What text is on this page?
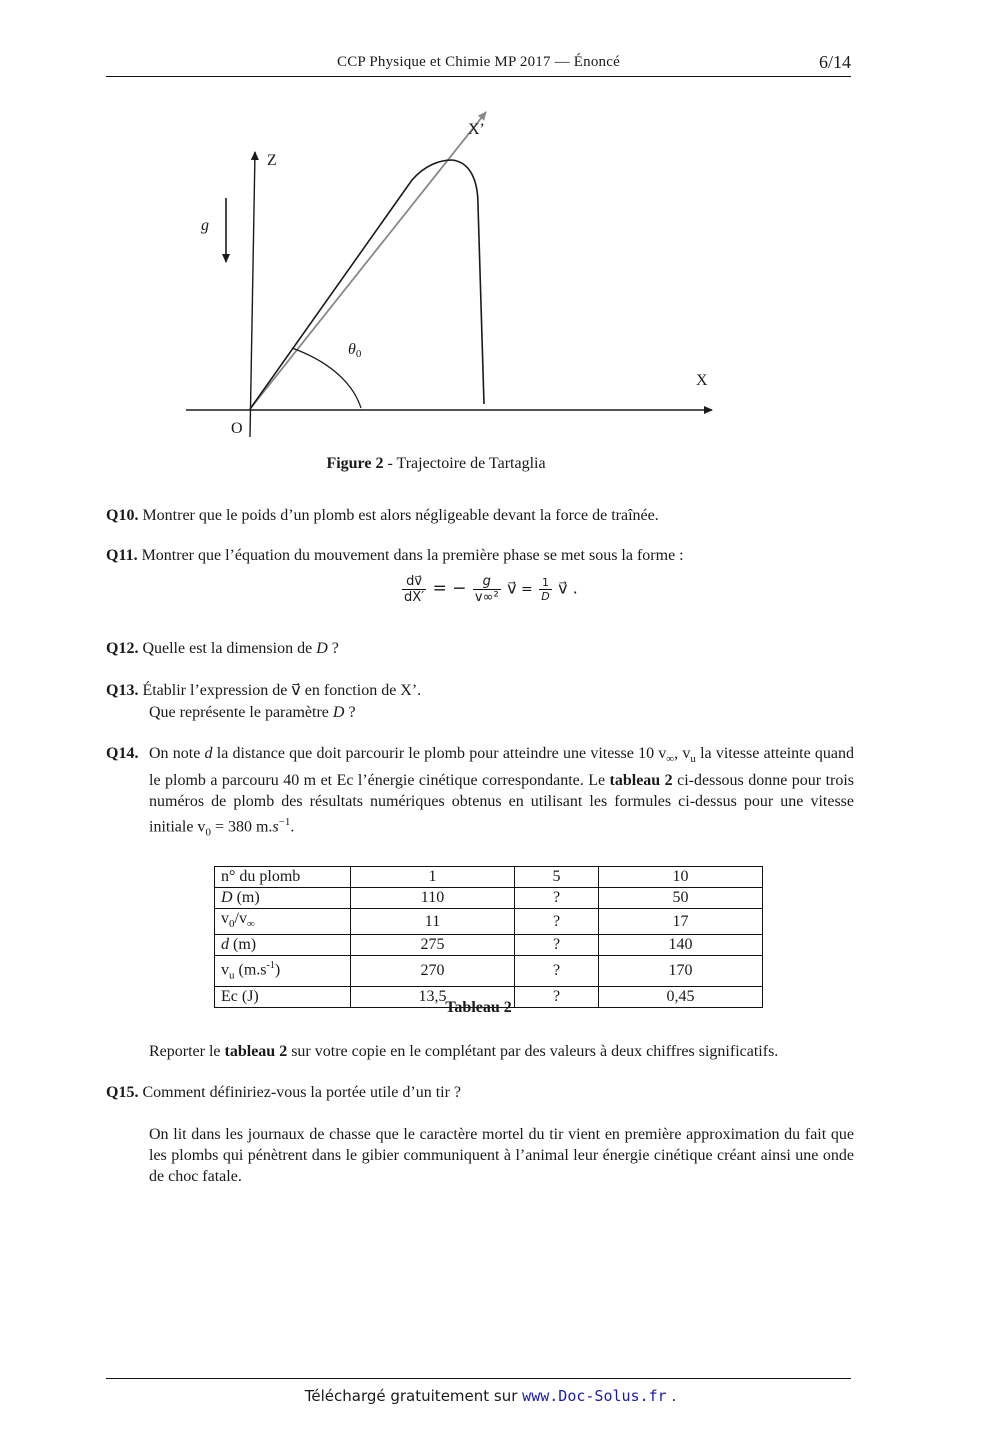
CCP Physique et Chimie MP 2017 — Énoncé	6/14
X’
Z
g⃗
θ0
X
O
Figure 2 - Trajectoire de Tartaglia
Q10. Montrer que le poids d’un plomb est alors négligeable devant la force de traînée.
Q11. Montrer que l’équation du mouvement dans la première phase se met sous la forme :
$\frac{dv⃗}{dX'}$ = − $\frac{g}{\text{v∞²}}$ v⃗ = $\frac{1}{D}$ v⃗ .
Q12. Quelle est la dimension de D ?
Q13. Établir l’expression de v⃗ en fonction de X’.
Que représente le paramètre D ?
Q14. On note d la distance que doit parcourir le plomb pour atteindre une vitesse 10 $v_\infty$, $v_u$ la vitesse atteinte quand le plomb a parcouru 40 m et Ec l’énergie cinétique correspondante. Le tableau 2 ci-dessous donne pour trois numéros de plomb des résultats numériques obtenus en utilisant les formules ci-dessus pour une vitesse initiale $v_0 = 380$ $m.s^{-1}$.
n° du plomb	1	5	10
D (m)	110	?	50
$v_0/v_\infty$	11	?	17
d (m)	275	?	140
$v_u$ $(m.s^{-1})$	270	?	170
Ec (J)	13,5	?	0,45
Tableau 2
Reporter le tableau 2 sur votre copie en le complétant par des valeurs à deux chiffres significatifs.
Q15. Comment définiriez-vous la portée utile d’un tir ?
On lit dans les journaux de chasse que le caractère mortel du tir vient en première approximation du fait que les plombs qui pénètrent dans le gibier communiquent à l’animal leur énergie cinétique créant ainsi une onde de choc fatale.
Téléchargé gratuitement sur www.Doc-Solus.fr .
